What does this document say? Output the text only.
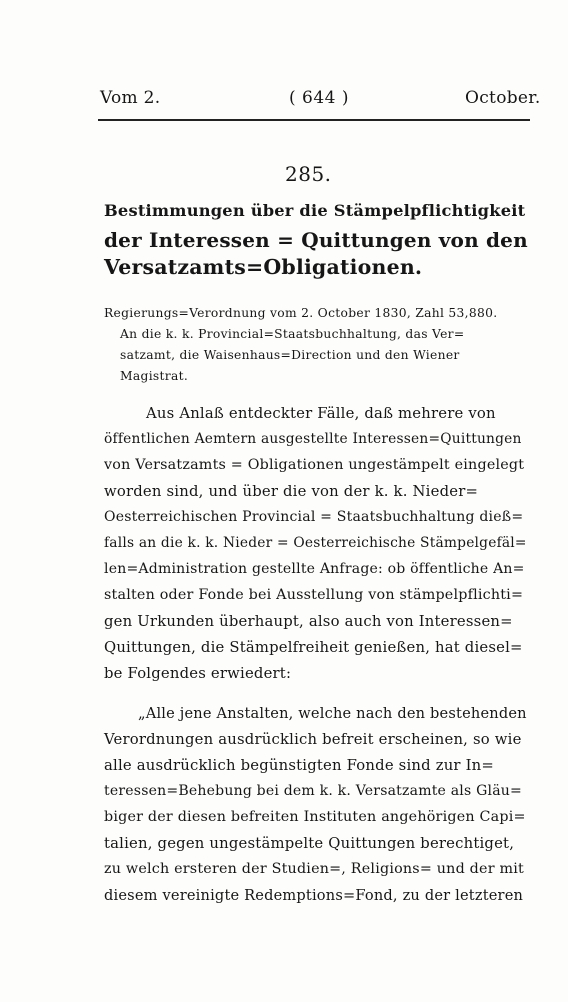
Vom 2.	( 644 )	October.
285.
Bestimmungen über die Stämpelpflichtigkeit
der Interessen = Quittungen von den
Versatzamts=Obligationen.
Regierungs=Verordnung vom 2. October 1830, Zahl 53,880.
An die k. k. Provincial=Staatsbuchhaltung, das Ver=
satzamt, die Waisenhaus=Direction und den Wiener
Magistrat.
Aus Anlaß entdeckter Fälle, daß mehrere von
öffentlichen Aemtern ausgestellte Interessen=Quittungen
von Versatzamts = Obligationen ungestämpelt eingelegt
worden sind, und über die von der k. k. Nieder=
Oesterreichischen Provincial = Staatsbuchhaltung dieß=
falls an die k. k. Nieder = Oesterreichische Stämpelgefäl=
len=Administration gestellte Anfrage: ob öffentliche An=
stalten oder Fonde bei Ausstellung von stämpelpflichti=
gen Urkunden überhaupt, also auch von Interessen=
Quittungen, die Stämpelfreiheit genießen, hat diesel=
be Folgendes erwiedert:
„Alle jene Anstalten, welche nach den bestehenden
Verordnungen ausdrücklich befreit erscheinen, so wie
alle ausdrücklich begünstigten Fonde sind zur In=
teressen=Behebung bei dem k. k. Versatzamte als Gläu=
biger der diesen befreiten Instituten angehörigen Capi=
talien, gegen ungestämpelte Quittungen berechtiget,
zu welch ersteren der Studien=, Religions= und der mit
diesem vereinigte Redemptions=Fond, zu der letzteren
